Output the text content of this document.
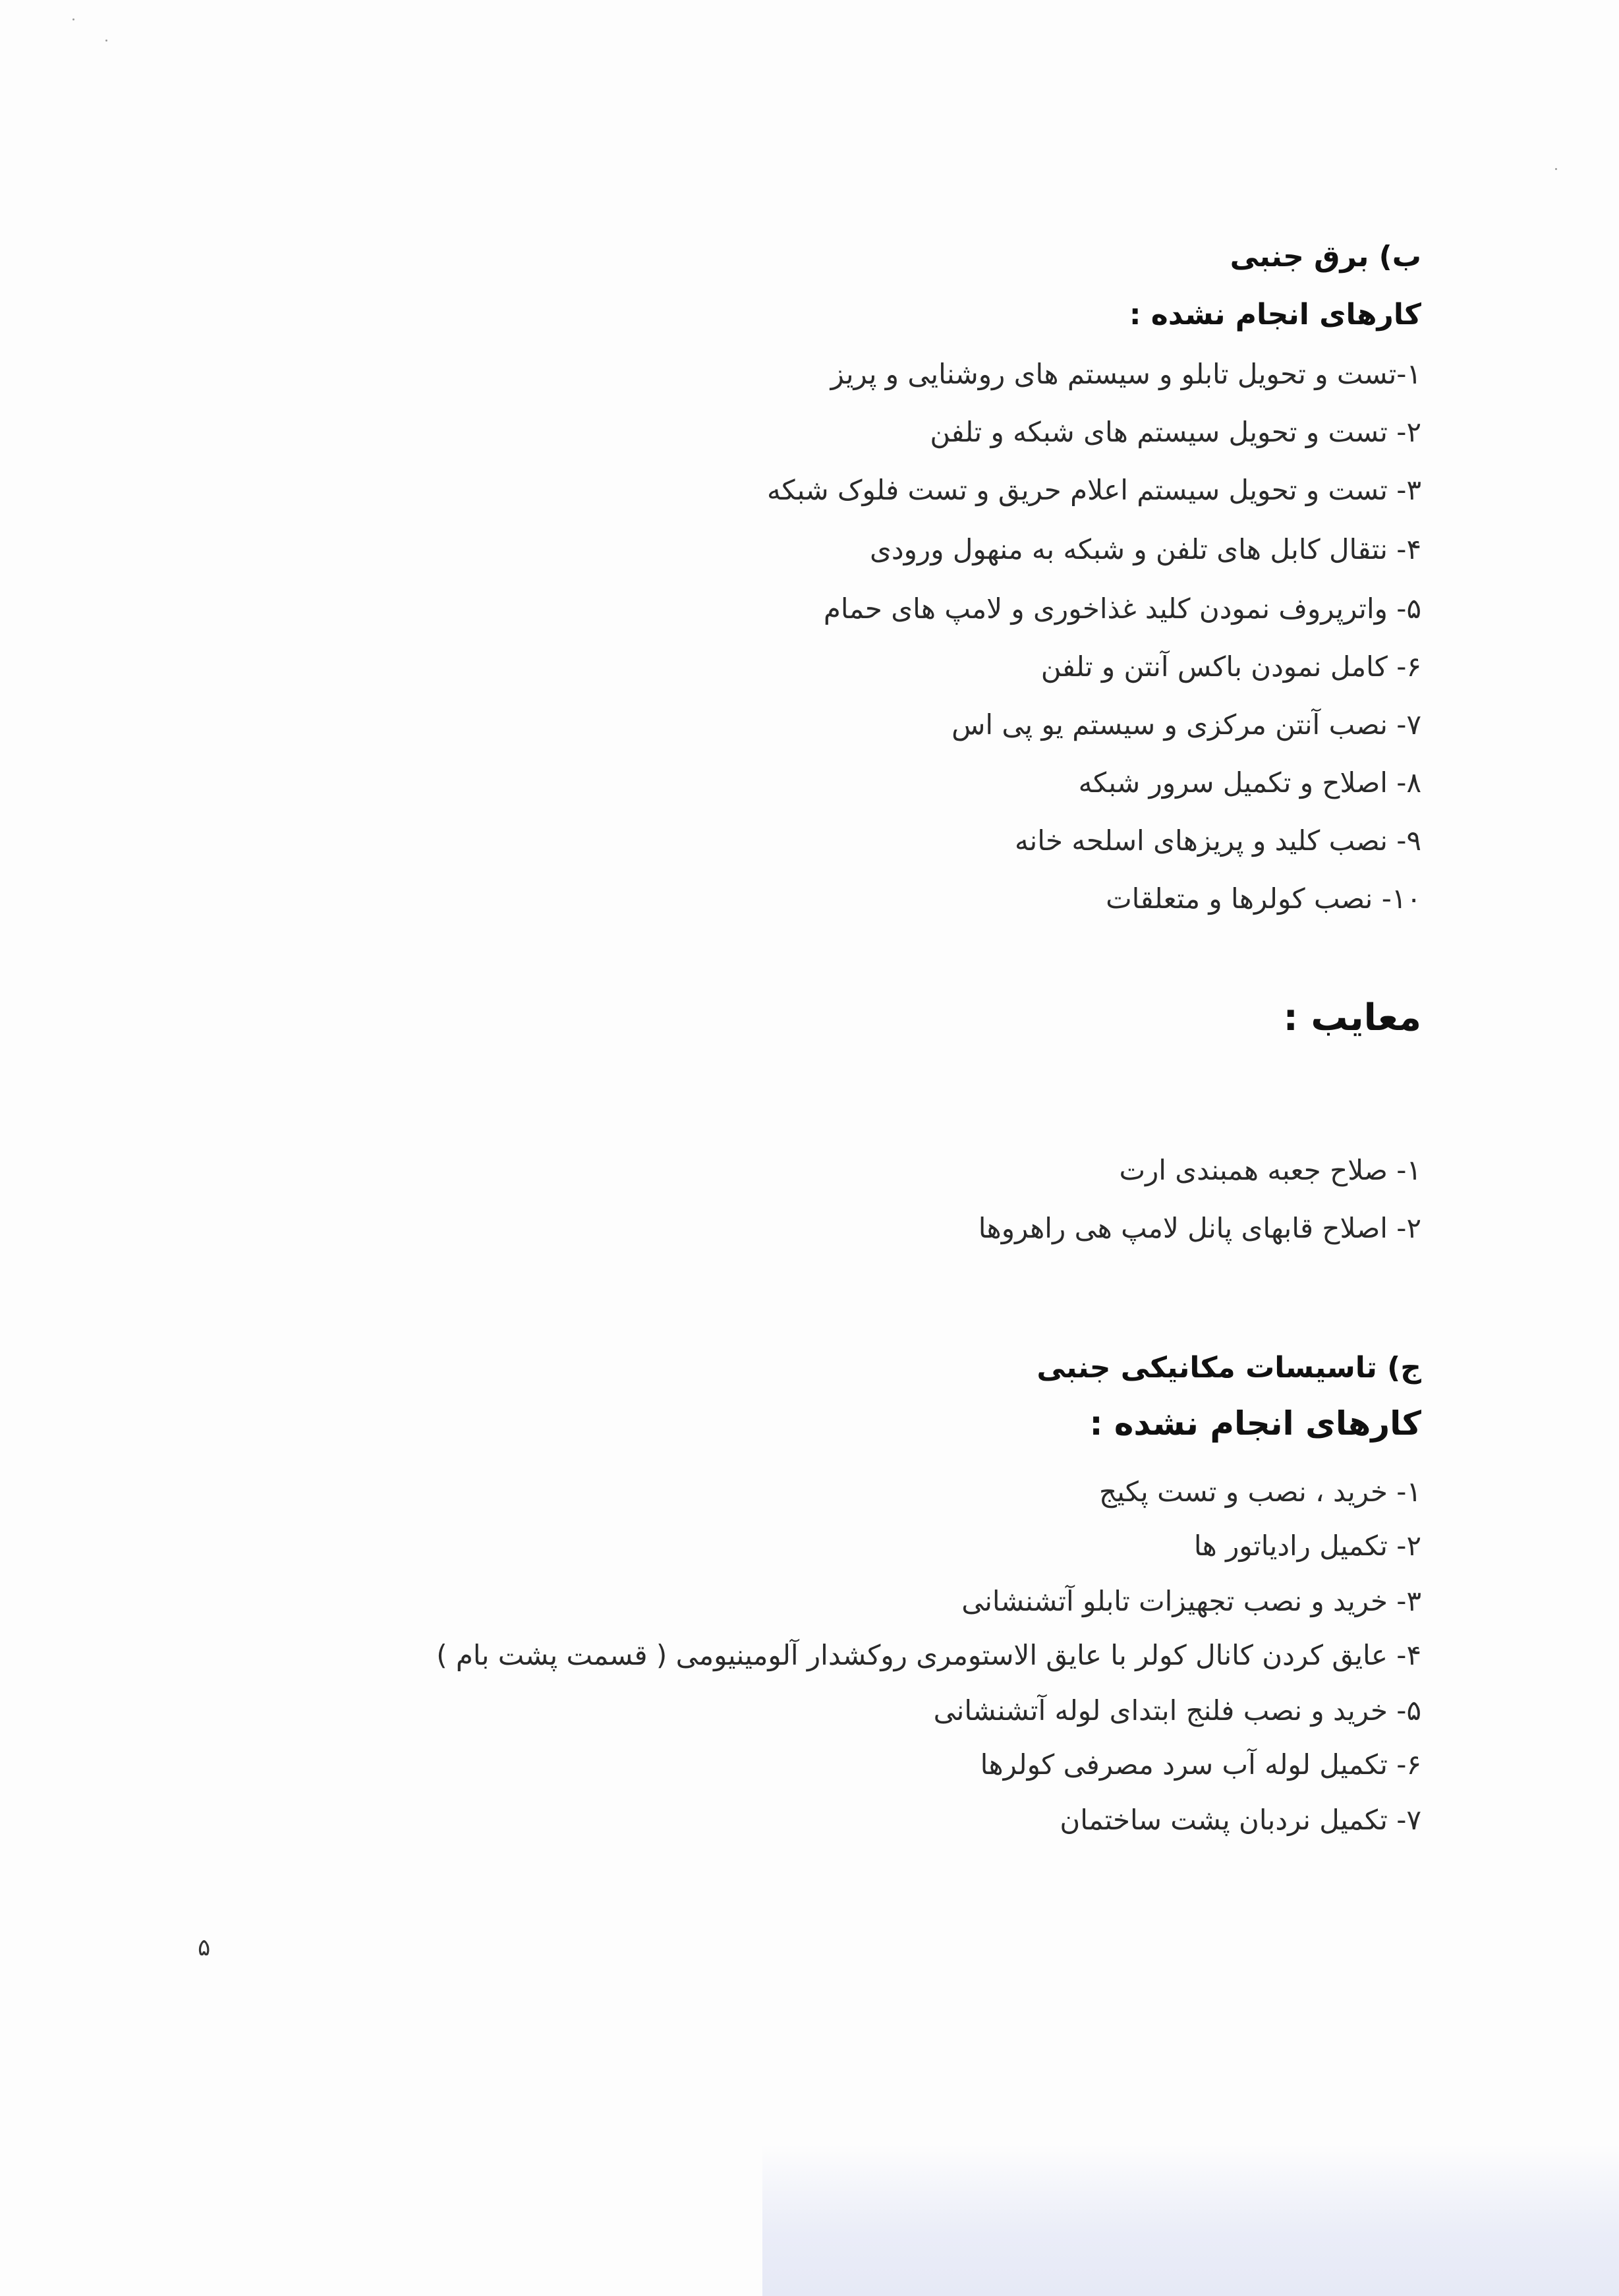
ب) برق جنبی
کارهای انجام نشده :
۱-تست و تحویل تابلو و سیستم های روشنایی و پریز
۲- تست و تحویل سیستم های شبکه و تلفن
۳- تست و تحویل سیستم اعلام حریق و تست فلوک شبکه
۴- نتقال کابل های تلفن و شبکه به منهول ورودی
۵- واترپروف نمودن کلید غذاخوری و لامپ های حمام
۶- کامل نمودن باکس آنتن و تلفن
۷- نصب آنتن مرکزی و سیستم یو پی اس
۸- اصلاح و تکمیل سرور شبکه
۹- نصب کلید و پریزهای اسلحه خانه
۱۰- نصب کولرها و متعلقات
معایب :
۱- صلاح جعبه همبندی ارت
۲- اصلاح قابهای پانل لامپ هی راهروها
ج) تاسیسات مکانیکی جنبی
کارهای انجام نشده :
۱- خرید ، نصب و تست پکیج
۲- تکمیل رادیاتور ها
۳- خرید و نصب تجهیزات تابلو آتشنشانی
۴- عایق کردن کانال کولر با عایق الاستومری روکشدار آلومینیومی ( قسمت پشت بام )
۵- خرید و نصب فلنج ابتدای لوله آتشنشانی
۶- تکمیل لوله آب سرد مصرفی کولرها
۷- تکمیل نردبان پشت ساختمان
۵
